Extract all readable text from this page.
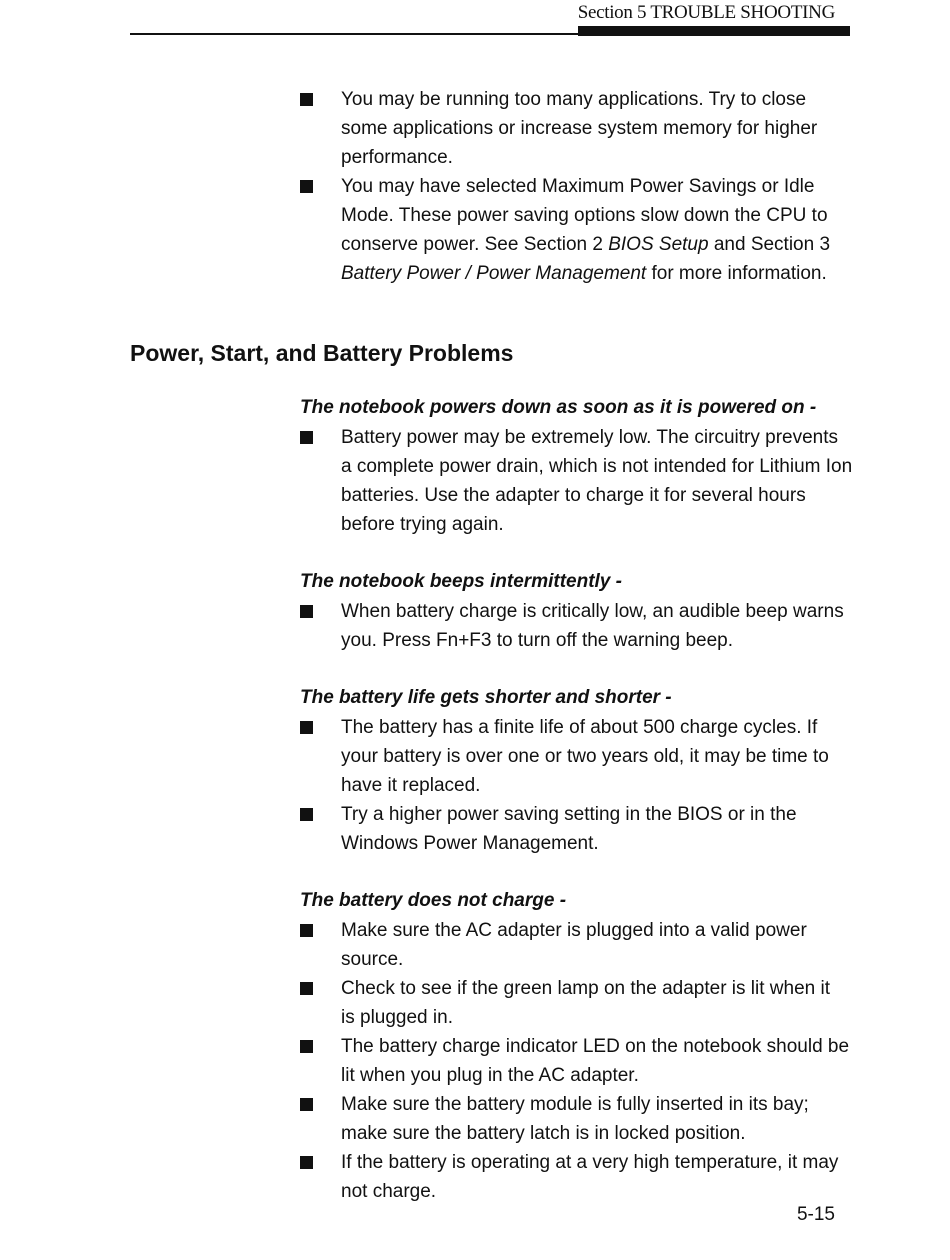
Section 5 TROUBLE SHOOTING
You may be running too many applications. Try to close
some applications or increase system memory for higher
performance.
You may have selected Maximum Power Savings or Idle
Mode. These power saving options slow down the CPU to
conserve power. See Section 2 BIOS Setup and Section 3
Battery Power / Power Management for more information.
Power, Start, and Battery Problems
The notebook powers down as soon as it is powered on -
Battery power may be extremely low. The circuitry prevents
a complete power drain, which is not intended for Lithium Ion
batteries. Use the adapter to charge it for several hours
before trying again.
The notebook beeps intermittently -
When battery charge is critically low, an audible beep warns
you. Press Fn+F3 to turn off the warning beep.
The battery life gets shorter and shorter -
The battery has a finite life of about 500 charge cycles. If
your battery is over one or two years old, it may be time to
have it replaced.
Try a higher power saving setting in the BIOS or in the
Windows Power Management.
The battery does not charge -
Make sure the AC adapter is plugged into a valid power
source.
Check to see if the green lamp on the adapter is lit when it
is plugged in.
The battery charge indicator LED on the notebook should be
lit when you plug in the AC adapter.
Make sure the battery module is fully inserted in its bay;
make sure the battery latch is in locked position.
If the battery is operating at a very high temperature, it may
not charge.
5-15
